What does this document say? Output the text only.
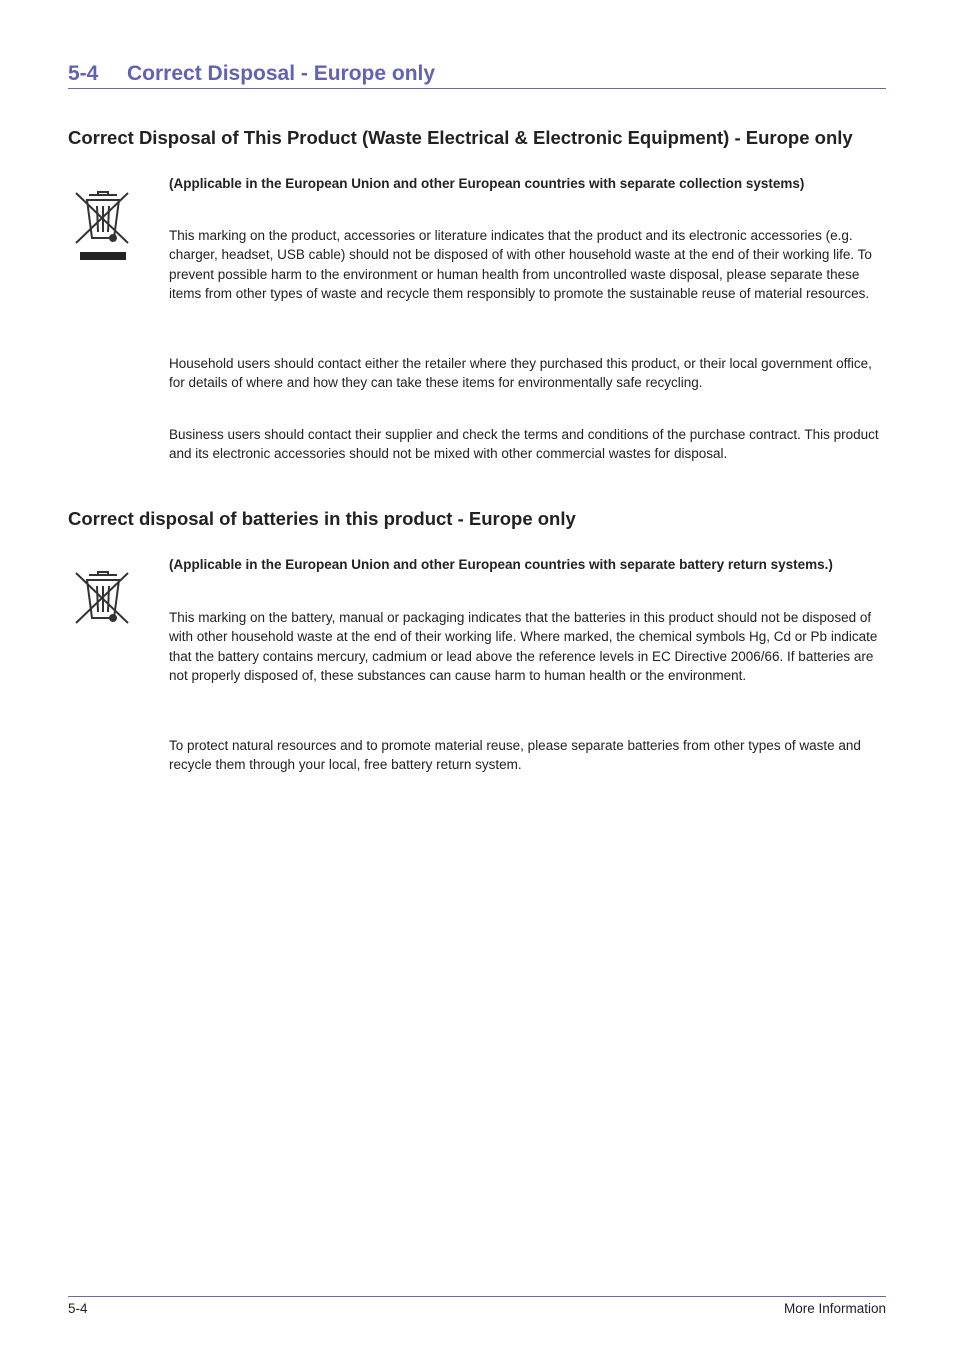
5-4 Correct Disposal - Europe only
Correct Disposal of This Product (Waste Electrical & Electronic Equipment) - Europe only
(Applicable in the European Union and other European countries with separate collection systems)

This marking on the product, accessories or literature indicates that the product and its electronic accessories (e.g. charger, headset, USB cable) should not be disposed of with other household waste at the end of their working life. To prevent possible harm to the environment or human health from uncontrolled waste disposal, please separate these items from other types of waste and recycle them responsibly to promote the sustainable reuse of material resources.

Household users should contact either the retailer where they purchased this product, or their local government office, for details of where and how they can take these items for environmentally safe recycling.

Business users should contact their supplier and check the terms and conditions of the purchase contract. This product and its electronic accessories should not be mixed with other commercial wastes for disposal.

Correct disposal of batteries in this product - Europe only
(Applicable in the European Union and other European countries with separate battery return systems.)

This marking on the battery, manual or packaging indicates that the batteries in this product should not be disposed of with other household waste at the end of their working life. Where marked, the chemical symbols Hg, Cd or Pb indicate that the battery contains mercury, cadmium or lead above the reference levels in EC Directive 2006/66. If batteries are not properly disposed of, these substances can cause harm to human health or the environment.

To protect natural resources and to promote material reuse, please separate batteries from other types of waste and recycle them through your local, free battery return system.

5-4	More Information
